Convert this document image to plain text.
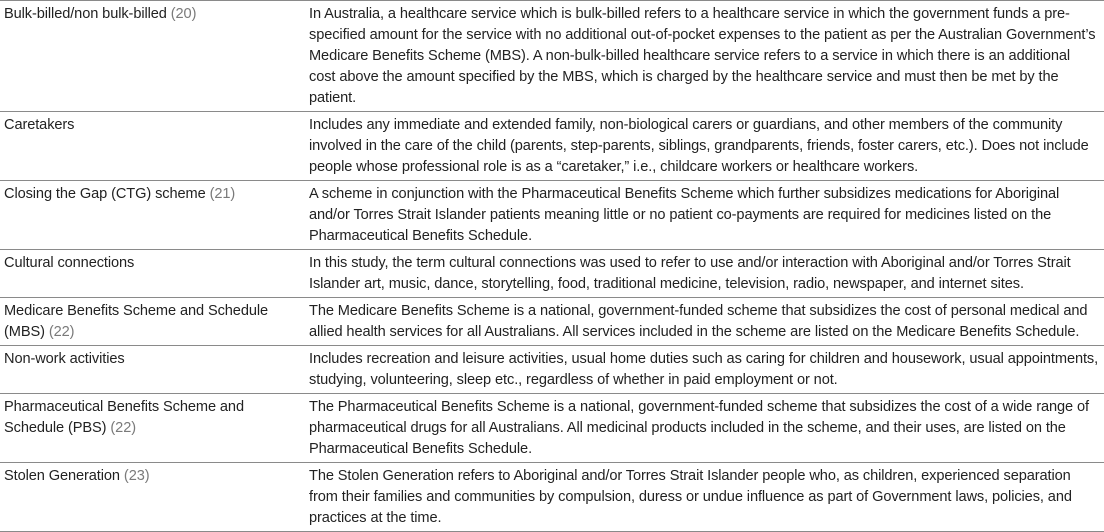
Bulk-billed/non bulk-billed (20)	In Australia, a healthcare service which is bulk-billed refers to a healthcare service in which the government funds a pre-specified amount for the service with no additional out-of-pocket expenses to the patient as per the Australian Government’s Medicare Benefits Scheme (MBS). A non-bulk-billed healthcare service refers to a service in which there is an additional cost above the amount specified by the MBS, which is charged by the healthcare service and must then be met by the patient.
Caretakers	Includes any immediate and extended family, non-biological carers or guardians, and other members of the community involved in the care of the child (parents, step-parents, siblings, grandparents, friends, foster carers, etc.). Does not include people whose professional role is as a “caretaker,” i.e., childcare workers or healthcare workers.
Closing the Gap (CTG) scheme (21)	A scheme in conjunction with the Pharmaceutical Benefits Scheme which further subsidizes medications for Aboriginal and/or Torres Strait Islander patients meaning little or no patient co-payments are required for medicines listed on the Pharmaceutical Benefits Schedule.
Cultural connections	In this study, the term cultural connections was used to refer to use and/or interaction with Aboriginal and/or Torres Strait Islander art, music, dance, storytelling, food, traditional medicine, television, radio, newspaper, and internet sites.
Medicare Benefits Scheme and Schedule (MBS) (22)	The Medicare Benefits Scheme is a national, government-funded scheme that subsidizes the cost of personal medical and allied health services for all Australians. All services included in the scheme are listed on the Medicare Benefits Schedule.
Non-work activities	Includes recreation and leisure activities, usual home duties such as caring for children and housework, usual appointments, studying, volunteering, sleep etc., regardless of whether in paid employment or not.
Pharmaceutical Benefits Scheme and Schedule (PBS) (22)	The Pharmaceutical Benefits Scheme is a national, government-funded scheme that subsidizes the cost of a wide range of pharmaceutical drugs for all Australians. All medicinal products included in the scheme, and their uses, are listed on the Pharmaceutical Benefits Schedule.
Stolen Generation (23)	The Stolen Generation refers to Aboriginal and/or Torres Strait Islander people who, as children, experienced separation from their families and communities by compulsion, duress or undue influence as part of Government laws, policies, and practices at the time.
